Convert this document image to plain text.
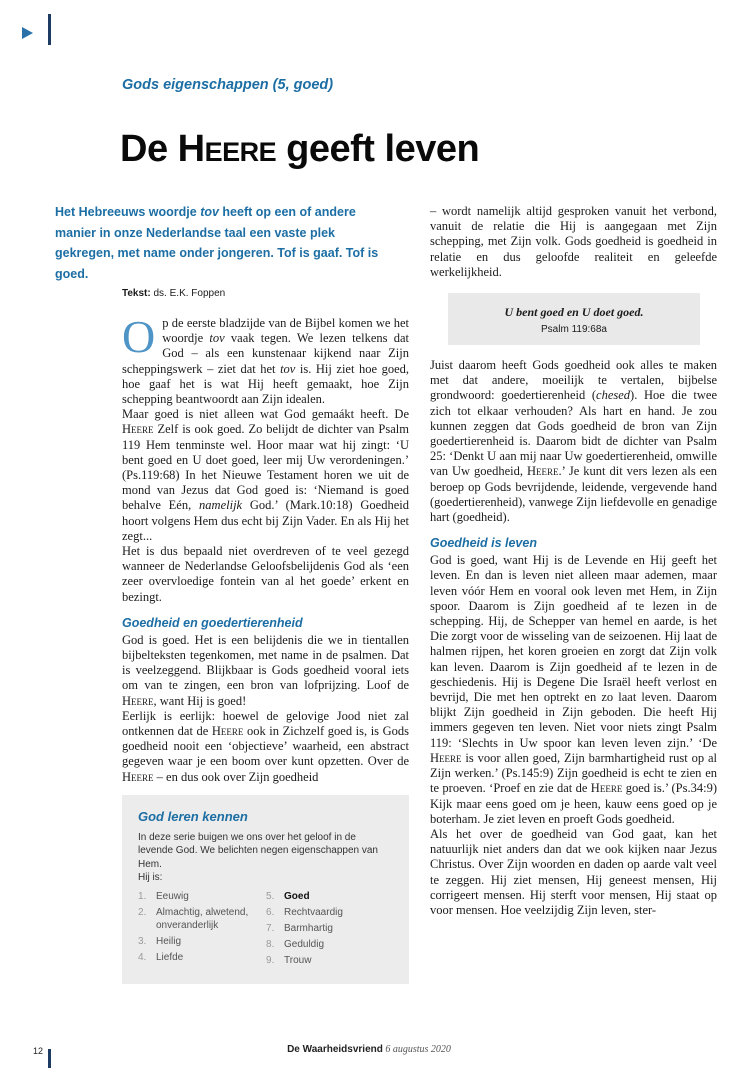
Gods eigenschappen (5, goed)
De Heere geeft leven
Het Hebreeuws woordje tov heeft op een of andere manier in onze Nederlandse taal een vaste plek gekregen, met name onder jongeren. Tof is gaaf. Tof is goed.
Tekst: ds. E.K. Foppen

Op de eerste bladzijde van de Bijbel komen we het woordje tov vaak tegen. We lezen telkens dat God – als een kunstenaar kijkend naar Zijn scheppingswerk – ziet dat het tov is. Hij ziet hoe goed, hoe gaaf het is wat Hij heeft gemaakt, hoe Zijn schepping beantwoordt aan Zijn idealen.

Maar goed is niet alleen wat God gemaákt heeft. De Heere Zelf is ook goed. Zo belijdt de dichter van Psalm 119 Hem tenminste wel. Hoor maar wat hij zingt: ‘U bent goed en U doet goed, leer mij Uw verordeningen.’ (Ps.119:68) In het Nieuwe Testament horen we uit de mond van Jezus dat God goed is: ‘Niemand is goed behalve Eén, namelijk God.’ (Mark.10:18) Goedheid hoort volgens Hem dus echt bij Zijn Vader. En als Hij het zegt...

Het is dus bepaald niet overdreven of te veel gezegd wanneer de Nederlandse Geloofsbelijdenis God als ‘een zeer overvloedige fontein van al het goede’ erkent en bezingt.

Goedheid en goedertierenheid

God is goed. Het is een belijdenis die we in tientallen bijbelteksten tegenkomen, met name in de psalmen. Dat is veelzeggend. Blijkbaar is Gods goedheid vooral iets om van te zingen, een bron van lofprijzing. Loof de Heere, want Hij is goed!

Eerlijk is eerlijk: hoewel de gelovige Jood niet zal ontkennen dat de Heere ook in Zichzelf goed is, is Gods goedheid nooit een ‘objectieve’ waarheid, een abstract gegeven waar je een boom over kunt opzetten. Over de Heere – en dus ook over Zijn goedheid

God leren kennen
In deze serie buigen we ons over het geloof in de levende God. We belichten negen eigenschappen van Hem.
Hij is:
1. Eeuwig
2. Almachtig, alwetend, onveranderlijk
3. Heilig
4. Liefde
5. Goed
6. Rechtvaardig
7. Barmhartig
8. Geduldig
9. Trouw

– wordt namelijk altijd gesproken vanuit het verbond, vanuit de relatie die Hij is aangegaan met Zijn schepping, met Zijn volk. Gods goedheid is goedheid in relatie en dus geloofde realiteit en geleefde werkelijkheid.

U bent goed en U doet goed.
Psalm 119:68a

Juist daarom heeft Gods goedheid ook alles te maken met dat andere, moeilijk te vertalen, bijbelse grondwoord: goedertierenheid (chesed). Hoe die twee zich tot elkaar verhouden? Als hart en hand. Je zou kunnen zeggen dat Gods goedheid de bron van Zijn goedertierenheid is. Daarom bidt de dichter van Psalm 25: ‘Denkt U aan mij naar Uw goedertierenheid, omwille van Uw goedheid, Heere.’ Je kunt dit vers lezen als een beroep op Gods bevrijdende, leidende, vergevende hand (goedertierenheid), vanwege Zijn liefdevolle en genadige hart (goedheid).

Goedheid is leven

God is goed, want Hij is de Levende en Hij geeft het leven. En dan is leven niet alleen maar ademen, maar leven vóór Hem en vooral ook leven met Hem, in Zijn spoor. Daarom is Zijn goedheid af te lezen in de schepping. Hij, de Schepper van hemel en aarde, is het Die zorgt voor de wisseling van de seizoenen. Hij laat de halmen rijpen, het koren groeien en zorgt dat Zijn volk kan leven. Daarom is Zijn goedheid af te lezen in de geschiedenis. Hij is Degene Die Israël heeft verlost en bevrijd, Die met hen optrekt en zo laat leven. Daarom blijkt Zijn goedheid in Zijn geboden. Die heeft Hij immers gegeven ten leven. Niet voor niets zingt Psalm 119: ‘Slechts in Uw spoor kan leven leven zijn.’ ‘De Heere is voor allen goed, Zijn barmhartigheid rust op al Zijn werken.’ (Ps.145:9) Zijn goedheid is echt te zien en te proeven. ‘Proef en zie dat de Heere goed is.’ (Ps.34:9) Kijk maar eens goed om je heen, kauw eens goed op je boterham. Je ziet leven en proeft Gods goedheid.

Als het over de goedheid van God gaat, kan het natuurlijk niet anders dan dat we ook kijken naar Jezus Christus. Over Zijn woorden en daden op aarde valt veel te zeggen. Hij ziet mensen, Hij geneest mensen, Hij corrigeert mensen. Hij sterft voor mensen, Hij staat op voor mensen. Hoe veelzijdig Zijn leven, ster-

12	De Waarheidsvriend 6 augustus 2020
